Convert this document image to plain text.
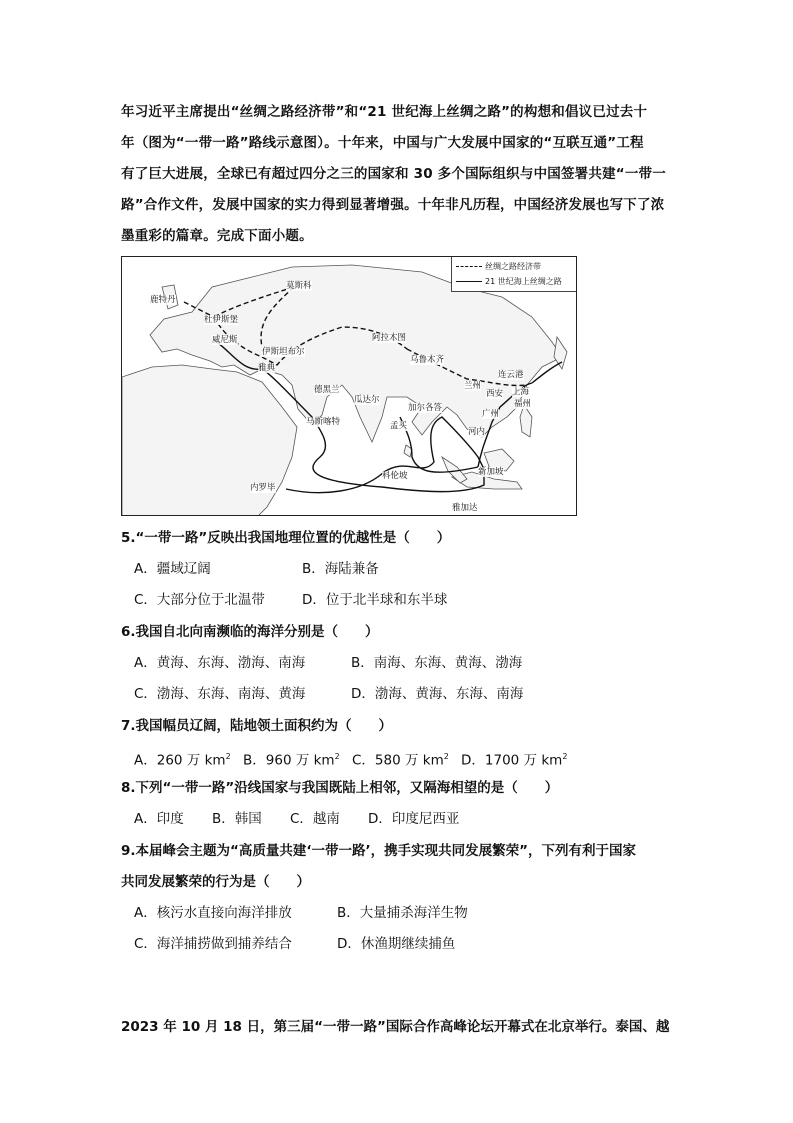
年习近平主席提出“丝绸之路经济带”和“21 世纪海上丝绸之路”的构想和倡议已过去十
年（图为“一带一路”路线示意图）。十年来，中国与广大发展中国家的“互联互通”工程
有了巨大进展，全球已有超过四分之三的国家和 30 多个国际组织与中国签署共建“一带一
路”合作文件，发展中国家的实力得到显著增强。十年非凡历程，中国经济发展也写下了浓
墨重彩的篇章。完成下面小题。
丝绸之路经济带
21 世纪海上丝绸之路
莫斯科
鹿特丹
杜伊斯堡
威尼斯
伊斯坦布尔
雅典
德黑兰
阿拉木图
乌鲁木齐
连云港
兰州
西安 上海
福州
广州
河内
瓜达尔
加尔各答
马斯喀特	孟买
科伦坡	新加坡
内罗毕
雅加达
5.“一带一路”反映出我国地理位置的优越性是（　　）
A．疆域辽阔	B．海陆兼备
C．大部分位于北温带	D．位于北半球和东半球
6.我国自北向南濒临的海洋分别是（　　）
A．黄海、东海、渤海、南海	B．南海、东海、黄海、渤海
C．渤海、东海、南海、黄海	D．渤海、黄海、东海、南海
7.我国幅员辽阔，陆地领土面积约为（　　）
A．260 万 $km^2$ B．960 万 $km^2$ C．580 万 $km^2$ D．1700 万 $km^2$
8.下列“一带一路”沿线国家与我国既陆上相邻，又隔海相望的是（　　）
A．印度 B．韩国 C．越南 D．印度尼西亚
9.本届峰会主题为“高质量共建‘一带一路’，携手实现共同发展繁荣”，下列有利于国家
共同发展繁荣的行为是（　　）
A．核污水直接向海洋排放	B．大量捕杀海洋生物
C．海洋捕捞做到捕养结合	D．休渔期继续捕鱼
2023 年 10 月 18 日，第三届“一带一路”国际合作高峰论坛开幕式在北京举行。泰国、越
